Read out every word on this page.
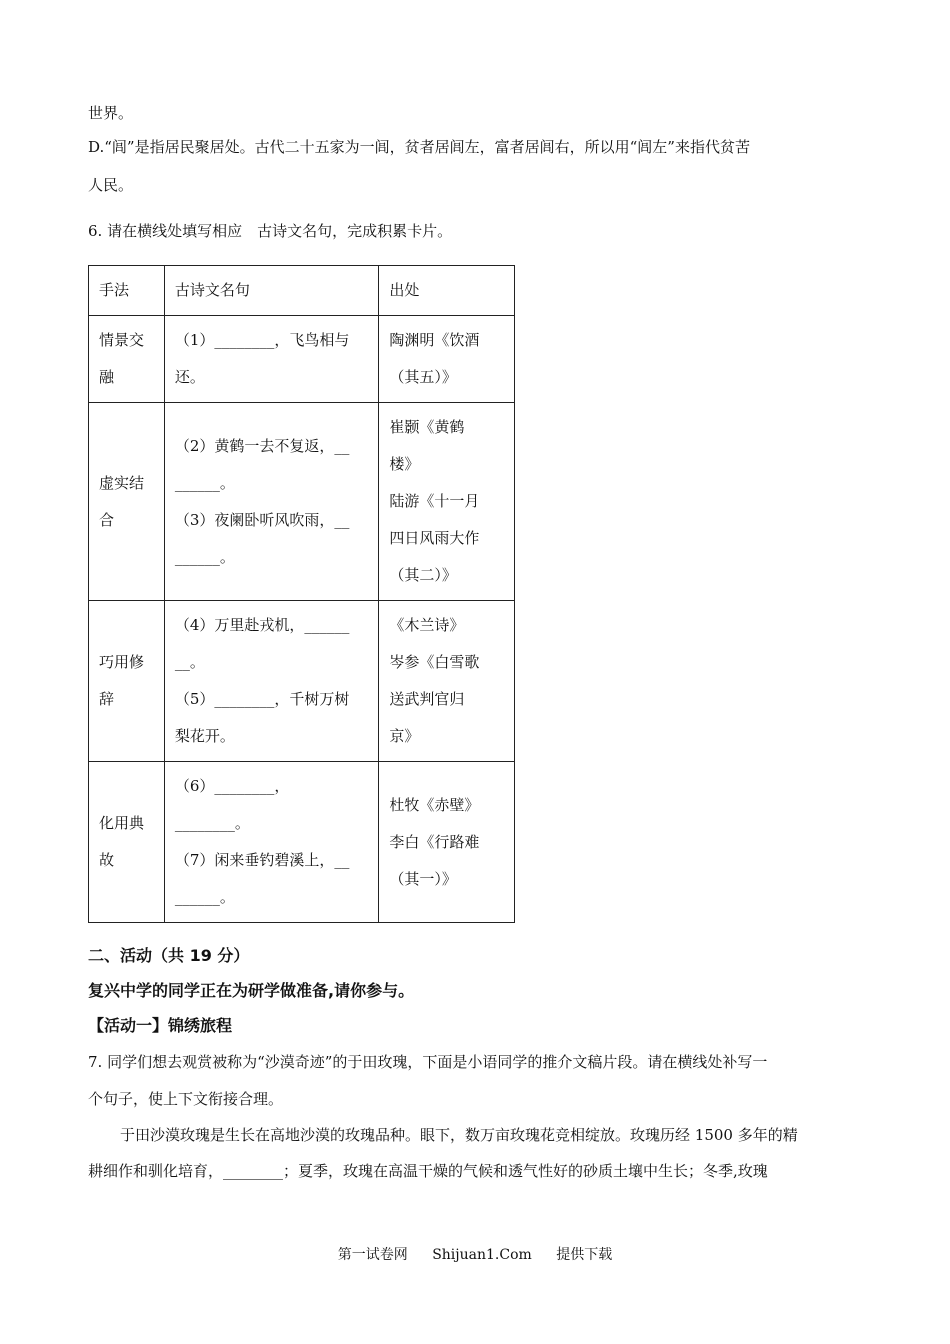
世界。
D.“闾”是指居民聚居处。古代二十五家为一闾，贫者居闾左，富者居闾右，所以用“闾左”来指代贫苦
人民。
6. 请在横线处填写相应　古诗文名句，完成积累卡片。
手法	古诗文名句	出处

情景交
融	（1）________，飞鸟相与
还。	陶渊明《饮酒
（其五）》

虚实结
合	（2）黄鹤一去不复返，__
______。
（3）夜阑卧听风吹雨，__
______。	崔颢《黄鹤
楼》
陆游《十一月
四日风雨大作
（其二）》

巧用修
辞	（4）万里赴戎机，______
__。
（5）________，千树万树
梨花开。	《木兰诗》
岑参《白雪歌
送武判官归
京》

化用典
故	（6）________，
________。
（7）闲来垂钓碧溪上，__
______。	杜牧《赤壁》
李白《行路难
（其一）》
二、活动（共 19 分）
复兴中学的同学正在为研学做准备,请你参与。
【活动一】锦绣旅程
7. 同学们想去观赏被称为“沙漠奇迹”的于田玫瑰，下面是小语同学的推介文稿片段。请在横线处补写一
个句子，使上下文衔接合理。
于田沙漠玫瑰是生长在高地沙漠的玫瑰品种。眼下，数万亩玫瑰花竞相绽放。玫瑰历经 1500 多年的精
耕细作和驯化培育，________；夏季，玫瑰在高温干燥的气候和透气性好的砂质土壤中生长；冬季,玫瑰
第一试卷网 Shijuan1.Com 提供下载
